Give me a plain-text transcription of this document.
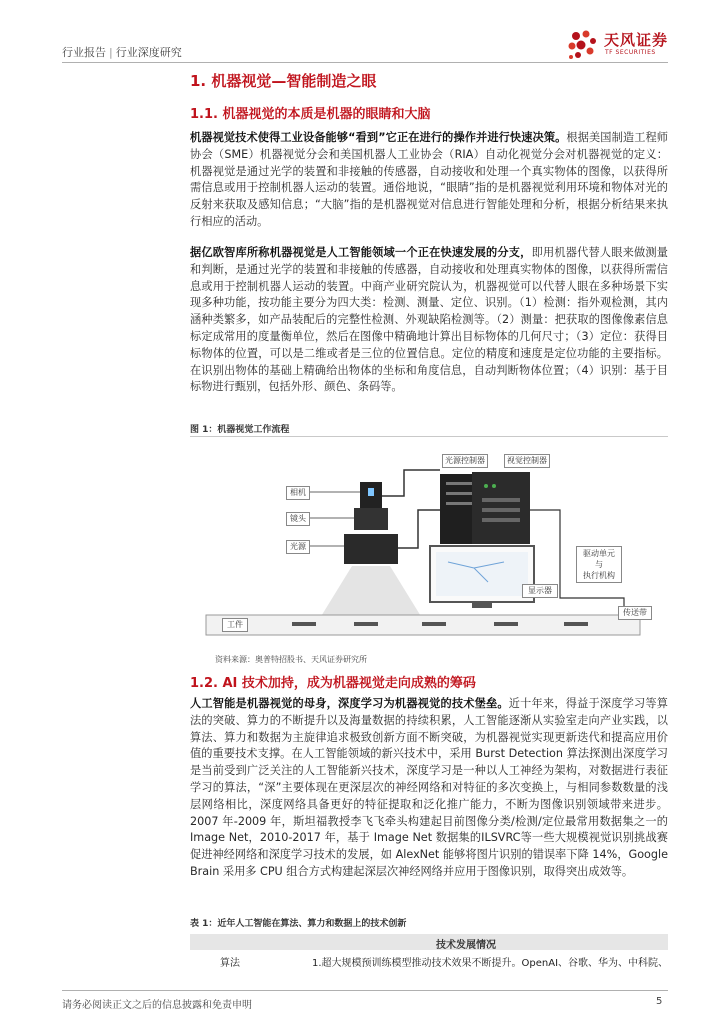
行业报告 | 行业深度研究
天风证券
TF SECURITIES
1. 机器视觉—智能制造之眼
1.1. 机器视觉的本质是机器的眼睛和大脑
机器视觉技术使得工业设备能够“看到”它正在进行的操作并进行快速决策。根据美国制造工程师协会（SME）机器视觉分会和美国机器人工业协会（RIA）自动化视觉分会对机器视觉的定义：机器视觉是通过光学的装置和非接触的传感器，自动接收和处理一个真实物体的图像，以获得所需信息或用于控制机器人运动的装置。通俗地说，“眼睛”指的是机器视觉利用环境和物体对光的反射来获取及感知信息；“大脑”指的是机器视觉对信息进行智能处理和分析，根据分析结果来执行相应的活动。
据亿欧智库所称机器视觉是人工智能领域一个正在快速发展的分支，即用机器代替人眼来做测量和判断，是通过光学的装置和非接触的传感器，自动接收和处理真实物体的图像，以获得所需信息或用于控制机器人运动的装置。中商产业研究院认为，机器视觉可以代替人眼在多种场景下实现多种功能，按功能主要分为四大类：检测、测量、定位、识别。（1）检测：指外观检测，其内涵种类繁多，如产品装配后的完整性检测、外观缺陷检测等。（2）测量：把获取的图像像素信息标定成常用的度量衡单位，然后在图像中精确地计算出目标物体的几何尺寸；（3）定位：获得目标物体的位置，可以是二维或者是三位的位置信息。定位的精度和速度是定位功能的主要指标。在识别出物体的基础上精确给出物体的坐标和角度信息，自动判断物体位置；（4）识别：基于目标物进行甄别，包括外形、颜色、条码等。
图 1：机器视觉工作流程
光源控制器	视觉控制器
相机
镜头
光源
驱动单元
与
执行机构
显示器
传送带
工件
资料来源：奥普特招股书、天风证券研究所
1.2. AI 技术加持，成为机器视觉走向成熟的筹码
人工智能是机器视觉的母身，深度学习为机器视觉的技术堡垒。近十年来，得益于深度学习等算法的突破、算力的不断提升以及海量数据的持续积累，人工智能逐渐从实验室走向产业实践，以算法、算力和数据为主旋律追求极致创新方面不断突破，为机器视觉实现更新迭代和提高应用价值的重要技术支撑。在人工智能领域的新兴技术中，采用 Burst Detection 算法探测出深度学习是当前受到广泛关注的人工智能新兴技术，深度学习是一种以人工神经为架构，对数据进行表征学习的算法，“深”主要体现在更深层次的神经网络和对特征的多次变换上，与相同参数数量的浅层网络相比，深度网络具备更好的特征提取和泛化推广能力，不断为图像识别领域带来进步。2007 年-2009 年，斯坦福教授李飞飞牵头构建起目前图像分类/检测/定位最常用数据集之一的 Image Net，2010-2017 年，基于 Image Net 数据集的ILSVRC等一些大规模视觉识别挑战赛促进神经网络和深度学习技术的发展，如 AlexNet 能够将图片识别的错误率下降 14%，Google Brain 采用多 CPU 组合方式构建起深层次神经网络并应用于图像识别，取得突出成效等。
表 1：近年人工智能在算法、算力和数据上的技术创新
技术发展情况
算法	1.超大规模预训练模型推动技术效果不断提升。OpenAI、谷歌、华为、中科院、
请务必阅读正文之后的信息披露和免责申明	5
